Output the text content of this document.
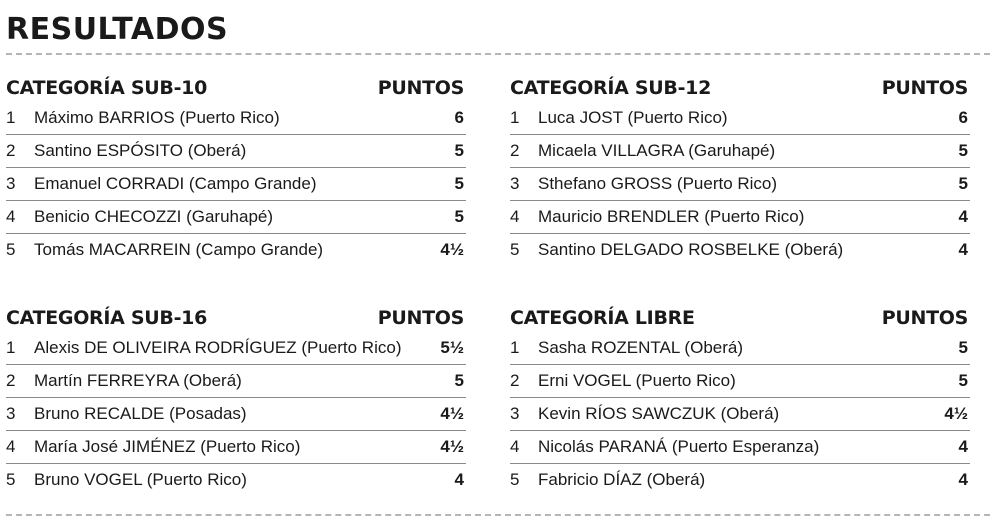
RESULTADOS
CATEGORÍA SUB-10	PUNTOS
1	Máximo BARRIOS (Puerto Rico)	6
2	Santino ESPÓSITO (Oberá)	5
3	Emanuel CORRADI (Campo Grande)	5
4	Benicio CHECOZZI (Garuhapé)	5
5	Tomás MACARREIN (Campo Grande)	4½
CATEGORÍA SUB-12	PUNTOS
1	Luca JOST (Puerto Rico)	6
2	Micaela VILLAGRA (Garuhapé)	5
3	Sthefano GROSS (Puerto Rico)	5
4	Mauricio BRENDLER (Puerto Rico)	4
5	Santino DELGADO ROSBELKE (Oberá)	4
CATEGORÍA SUB-16	PUNTOS
1	Alexis DE OLIVEIRA RODRÍGUEZ (Puerto Rico)	5½
2	Martín FERREYRA (Oberá)	5
3	Bruno RECALDE (Posadas)	4½
4	María José JIMÉNEZ (Puerto Rico)	4½
5	Bruno VOGEL (Puerto Rico)	4
CATEGORÍA LIBRE	PUNTOS
1	Sasha ROZENTAL (Oberá)	5
2	Erni VOGEL (Puerto Rico)	5
3	Kevin RÍOS SAWCZUK (Oberá)	4½
4	Nicolás PARANÁ (Puerto Esperanza)	4
5	Fabricio DÍAZ (Oberá)	4
